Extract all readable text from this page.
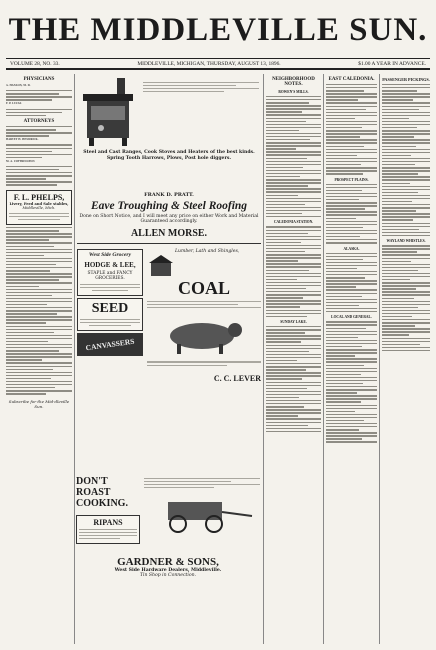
THE MIDDLEVILLE SUN.
VOLUME 28, NO. 33.	MIDDLEVILLE, MICHIGAN, THURSDAY, AUGUST 13, 1896.	$1.00 A YEAR IN ADVANCE.
PHYSICIANS
A. HANLON, M. D.
F. P. LUCAS
ATTORNEYS
HARVEY H. HENDRICK.
M. A. COTTRINGTON
F. L. PHELPS,
Livery, Feed and Sale stables,
Middleville, Mich.
Subscribe for the Mid-dleville Sun.
Steel and Cast Ranges, Cook Stoves and Heaters of the best kinds. Spring Tooth Harrows, Plows, Post hole diggers.
FRANK D. PRATT.
Eave Troughing & Steel Roofing
Done on Short Notice, and I will meet any price on either Work and Material Guaranteed accordingly.
ALLEN MORSE.
West Side Grocery
HODGE & LEE,
STAPLE and FANCY GROCERIES.
SEED
CANVASSERS
Lumber, Lath and Shingles,
COAL
C. C. LEVER
DON'T ROAST COOKING.
RIPANS
GARDNER & SONS,
West Side Hardware Dealers, Middleville.
Tin Shop in Connection.
NEIGHBORHOOD NOTES.
BOWEN'S MILLS.
CALEDONIA STATION.
SUNDAY LAKE.
EAST CALEDONIA.
PROSPECT PLAINS.
ALASKA.
LOCAL AND GENERAL.
PASSENGER PICKINGS.
WAYLAND WHISTLES.
